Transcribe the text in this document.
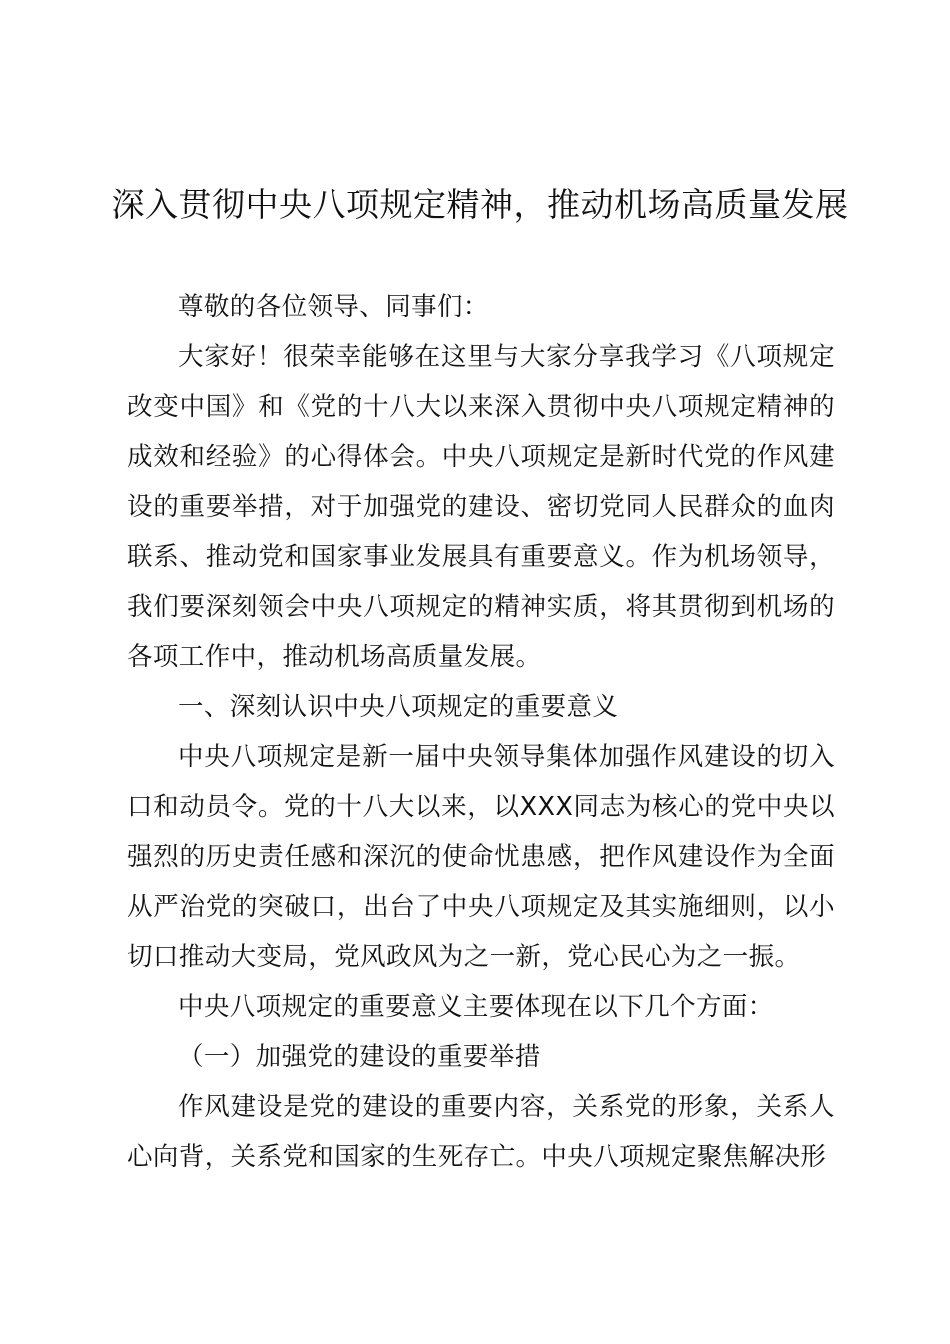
深入贯彻中央八项规定精神，推动机场高质量发展

尊敬的各位领导、同事们：

大家好！很荣幸能够在这里与大家分享我学习《八项规定改变中国》和《党的十八大以来深入贯彻中央八项规定精神的成效和经验》的心得体会。中央八项规定是新时代党的作风建设的重要举措，对于加强党的建设、密切党同人民群众的血肉联系、推动党和国家事业发展具有重要意义。作为机场领导，我们要深刻领会中央八项规定的精神实质，将其贯彻到机场的各项工作中，推动机场高质量发展。

一、深刻认识中央八项规定的重要意义

中央八项规定是新一届中央领导集体加强作风建设的切入口和动员令。党的十八大以来，以XXX同志为核心的党中央以强烈的历史责任感和深沉的使命忧患感，把作风建设作为全面从严治党的突破口，出台了中央八项规定及其实施细则，以小切口推动大变局，党风政风为之一新，党心民心为之一振。

中央八项规定的重要意义主要体现在以下几个方面：

（一）加强党的建设的重要举措

作风建设是党的建设的重要内容，关系党的形象，关系人心向背，关系党和国家的生死存亡。中央八项规定聚焦解决形
